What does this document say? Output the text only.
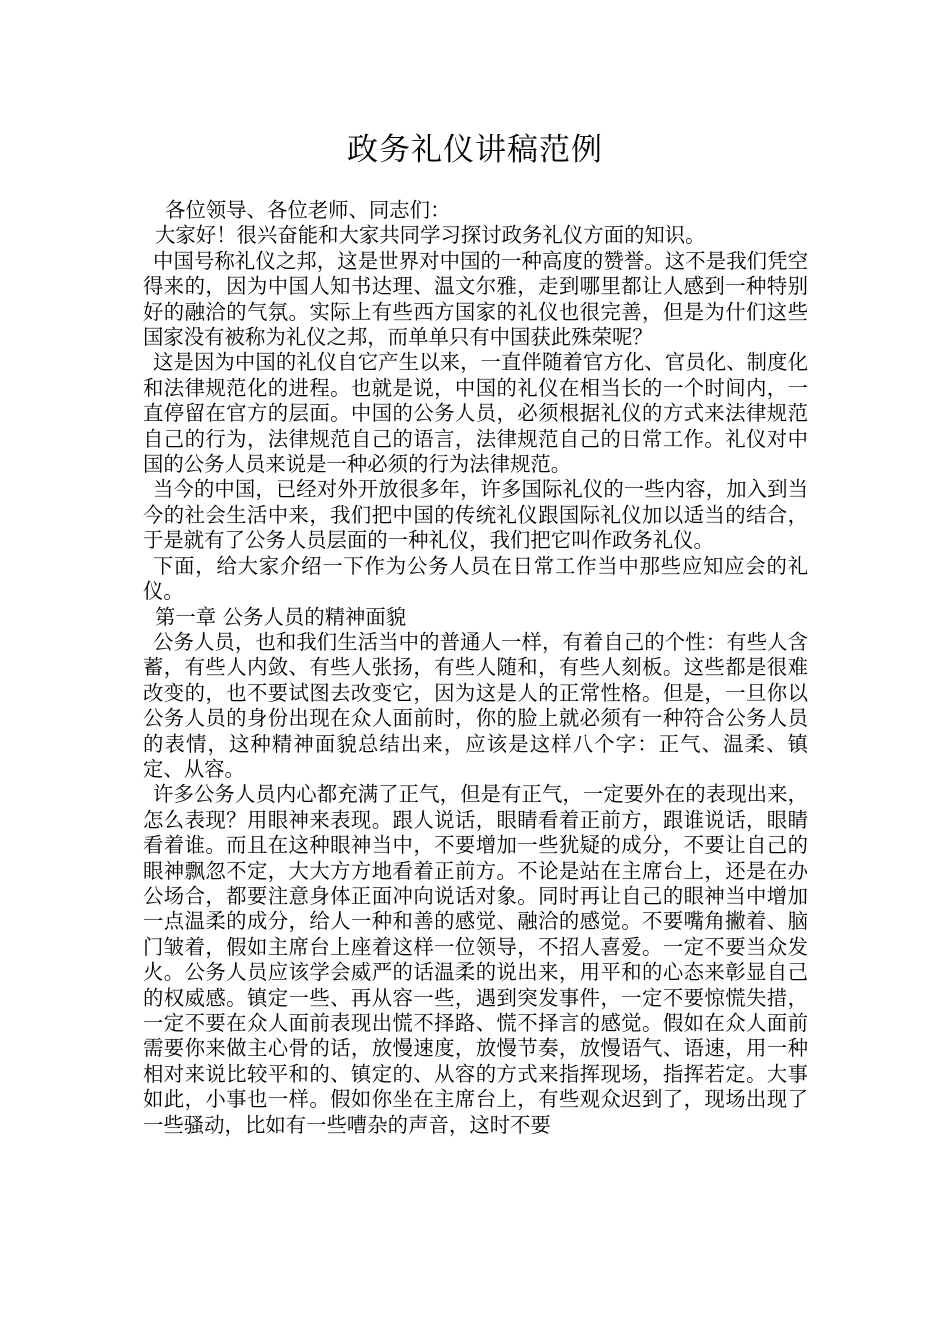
政务礼仪讲稿范例

各位领导、各位老师、同志们：

大家好！很兴奋能和大家共同学习探讨政务礼仪方面的知识。

中国号称礼仪之邦，这是世界对中国的一种高度的赞誉。这不是我们凭空得来的，因为中国人知书达理、温文尔雅，走到哪里都让人感到一种特别好的融洽的气氛。实际上有些西方国家的礼仪也很完善，但是为什们这些国家没有被称为礼仪之邦，而单单只有中国获此殊荣呢？

这是因为中国的礼仪自它产生以来，一直伴随着官方化、官员化、制度化和法律规范化的进程。也就是说，中国的礼仪在相当长的一个时间内，一直停留在官方的层面。中国的公务人员，必须根据礼仪的方式来法律规范自己的行为，法律规范自己的语言，法律规范自己的日常工作。礼仪对中国的公务人员来说是一种必须的行为法律规范。

当今的中国，已经对外开放很多年，许多国际礼仪的一些内容，加入到当今的社会生活中来，我们把中国的传统礼仪跟国际礼仪加以适当的结合，于是就有了公务人员层面的一种礼仪，我们把它叫作政务礼仪。

下面，给大家介绍一下作为公务人员在日常工作当中那些应知应会的礼仪。

第一章 公务人员的精神面貌

公务人员，也和我们生活当中的普通人一样，有着自己的个性：有些人含蓄，有些人内敛、有些人张扬，有些人随和，有些人刻板。这些都是很难改变的，也不要试图去改变它，因为这是人的正常性格。但是，一旦你以公务人员的身份出现在众人面前时，你的脸上就必须有一种符合公务人员的表情，这种精神面貌总结出来，应该是这样八个字：正气、温柔、镇定、从容。

许多公务人员内心都充满了正气，但是有正气，一定要外在的表现出来，怎么表现？用眼神来表现。跟人说话，眼睛看着正前方，跟谁说话，眼睛看着谁。而且在这种眼神当中，不要增加一些犹疑的成分，不要让自己的眼神飘忽不定，大大方方地看着正前方。不论是站在主席台上，还是在办公场合，都要注意身体正面冲向说话对象。同时再让自己的眼神当中增加一点温柔的成分，给人一种和善的感觉、融洽的感觉。不要嘴角撇着、脑门皱着，假如主席台上座着这样一位领导，不招人喜爱。一定不要当众发火。公务人员应该学会威严的话温柔的说出来，用平和的心态来彰显自己的权威感。镇定一些、再从容一些，遇到突发事件，一定不要惊慌失措，一定不要在众人面前表现出慌不择路、慌不择言的感觉。假如在众人面前需要你来做主心骨的话，放慢速度，放慢节奏，放慢语气、语速，用一种相对来说比较平和的、镇定的、从容的方式来指挥现场，指挥若定。大事如此，小事也一样。假如你坐在主席台上，有些观众迟到了，现场出现了一些骚动，比如有一些嘈杂的声音，这时不要
